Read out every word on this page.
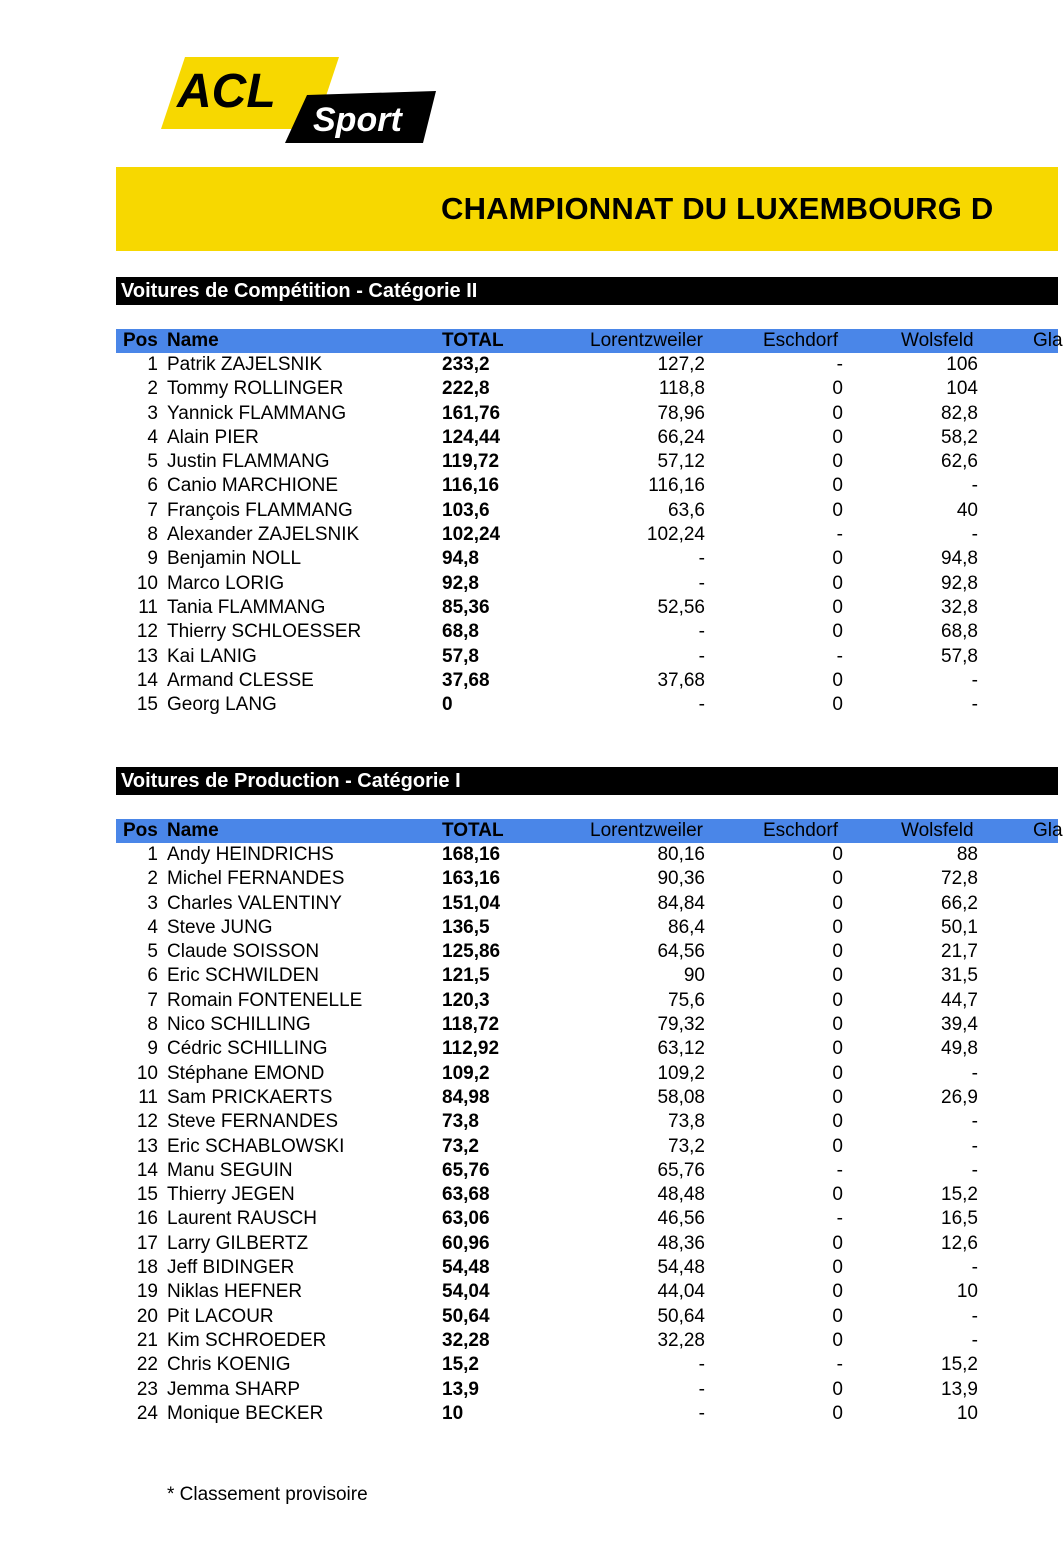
ACL
Sport
CHAMPIONNAT DU LUXEMBOURG D
Voitures de Compétition - Catégorie II
Pos Name	TOTAL	Lorentzweiler	Eschdorf	Wolsfeld	Gla
1 Patrik ZAJELSNIK	233,2	127,2	-	106
2 Tommy ROLLINGER	222,8	118,8	0	104
3 Yannick FLAMMANG	161,76	78,96	0	82,8
4 Alain PIER	124,44	66,24	0	58,2
5 Justin FLAMMANG	119,72	57,12	0	62,6
6 Canio MARCHIONE	116,16	116,16	0	-
7 François FLAMMANG	103,6	63,6	0	40
8 Alexander ZAJELSNIK	102,24	102,24	-	-
9 Benjamin NOLL	94,8	-	0	94,8
10 Marco LORIG	92,8	-	0	92,8
11 Tania FLAMMANG	85,36	52,56	0	32,8
12 Thierry SCHLOESSER	68,8	-	0	68,8
13 Kai LANIG	57,8	-	-	57,8
14 Armand CLESSE	37,68	37,68	0	-
15 Georg LANG	0	-	0	-
Voitures de Production - Catégorie I
Pos Name	TOTAL	Lorentzweiler	Eschdorf	Wolsfeld	Gla
1 Andy HEINDRICHS	168,16	80,16	0	88
2 Michel FERNANDES	163,16	90,36	0	72,8
3 Charles VALENTINY	151,04	84,84	0	66,2
4 Steve JUNG	136,5	86,4	0	50,1
5 Claude SOISSON	125,86	64,56	0	21,7
6 Eric SCHWILDEN	121,5	90	0	31,5
7 Romain FONTENELLE	120,3	75,6	0	44,7
8 Nico SCHILLING	118,72	79,32	0	39,4
9 Cédric SCHILLING	112,92	63,12	0	49,8
10 Stéphane EMOND	109,2	109,2	0	-
11 Sam PRICKAERTS	84,98	58,08	0	26,9
12 Steve FERNANDES	73,8	73,8	0	-
13 Eric SCHABLOWSKI	73,2	73,2	0	-
14 Manu SEGUIN	65,76	65,76	-	-
15 Thierry JEGEN	63,68	48,48	0	15,2
16 Laurent RAUSCH	63,06	46,56	-	16,5
17 Larry GILBERTZ	60,96	48,36	0	12,6
18 Jeff BIDINGER	54,48	54,48	0	-
19 Niklas HEFNER	54,04	44,04	0	10
20 Pit LACOUR	50,64	50,64	0	-
21 Kim SCHROEDER	32,28	32,28	0	-
22 Chris KOENIG	15,2	-	-	15,2
23 Jemma SHARP	13,9	-	0	13,9
24 Monique BECKER	10	-	0	10
* Classement provisoire
